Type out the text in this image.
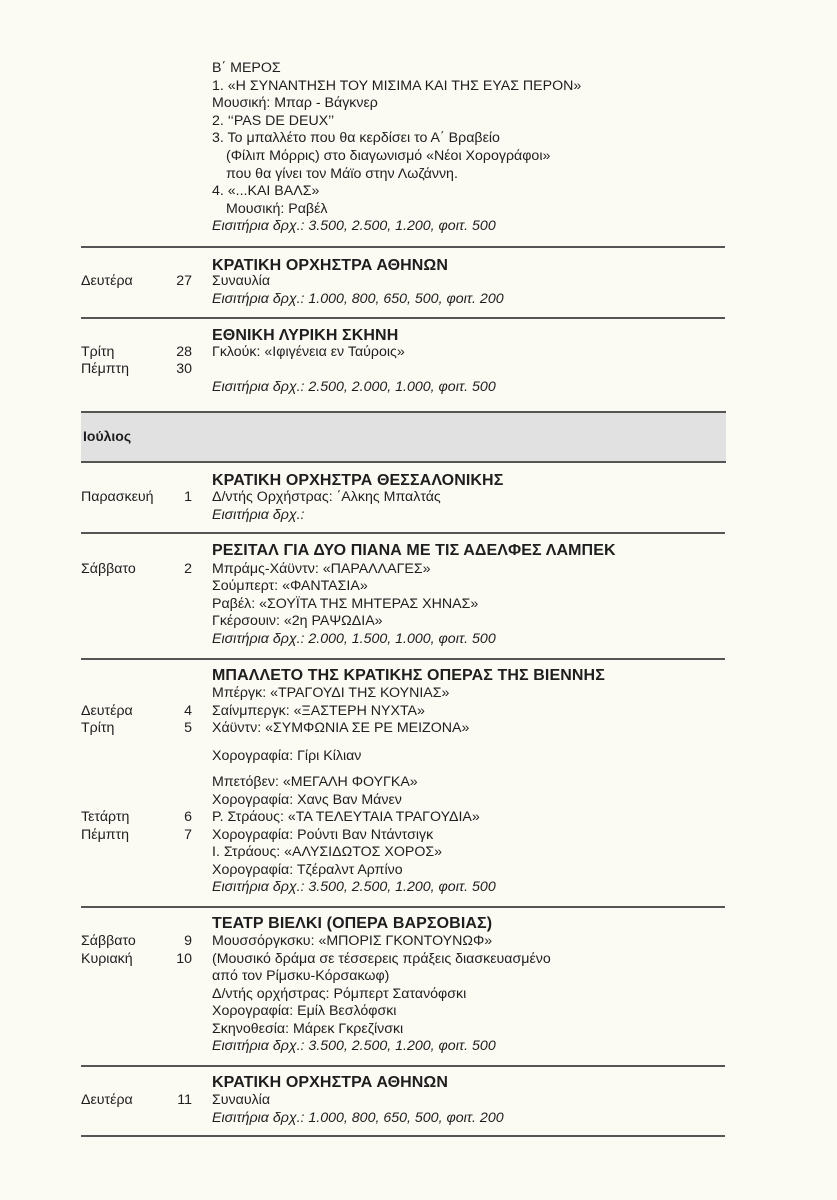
Β΄ ΜΕΡΟΣ
1. «Η ΣΥΝΑΝΤΗΣΗ ΤΟΥ ΜΙΣΙΜΑ ΚΑΙ ΤΗΣ ΕΥΑΣ ΠΕΡΟΝ»
Μουσική: Μπαρ - Βάγκνερ
2. ‘‘PAS DE DEUX’’
3. Το μπαλλέτο που θα κερδίσει το Α΄ Βραβείο
(Φίλιπ Μόρρις) στο διαγωνισμό «Νέοι Χορογράφοι»
που θα γίνει τον Μάϊο στην Λωζάννη.
4. «...ΚΑΙ ΒΑΛΣ»
Μουσική: Ραβέλ
Εισιτήρια δρχ.: 3.500, 2.500, 1.200, φοιτ. 500
ΚΡΑΤΙΚΗ ΟΡΧΗΣΤΡΑ ΑΘΗΝΩΝ
Δευτέρα	27 Συναυλία
Εισιτήρια δρχ.: 1.000, 800, 650, 500, φοιτ. 200
ΕΘΝΙΚΗ ΛΥΡΙΚΗ ΣΚΗΝΗ
Τρίτη	28
Πέμπτη	30
Γκλούκ: «Ιφιγένεια εν Ταύροις»
Εισιτήρια δρχ.: 2.500, 2.000, 1.000, φοιτ. 500
Ιούλιος
ΚΡΑΤΙΚΗ ΟΡΧΗΣΤΡΑ ΘΕΣΣΑΛΟΝΙΚΗΣ
Παρασκευή	1 Δ/ντής Ορχήστρας: ΄Αλκης Μπαλτάς
Εισιτήρια δρχ.:
ΡΕΣΙΤΑΛ ΓΙΑ ΔΥΟ ΠΙΑΝΑ ΜΕ ΤΙΣ ΑΔΕΛΦΕΣ ΛΑΜΠΕΚ
Σάββατο	2 Μπράμς-Χάϋντν: «ΠΑΡΑΛΛΑΓΕΣ»
Σούμπερτ: «ΦΑΝΤΑΣΙΑ»
Ραβέλ: «ΣΟΥΪΤΑ ΤΗΣ ΜΗΤΕΡΑΣ ΧΗΝΑΣ»
Γκέρσουιν: «2η ΡΑΨΩΔΙΑ»
Εισιτήρια δρχ.: 2.000, 1.500, 1.000, φοιτ. 500
ΜΠΑΛΛΕΤΟ ΤΗΣ ΚΡΑΤΙΚΗΣ ΟΠΕΡΑΣ ΤΗΣ ΒΙΕΝΝΗΣ
Μπέργκ: «ΤΡΑΓΟΥΔΙ ΤΗΣ ΚΟΥΝΙΑΣ»
Δευτέρα	4 Σαίνμπεργκ: «ΞΑΣΤΕΡΗ ΝΥΧΤΑ»
Τρίτη	5 Χάϋντν: «ΣΥΜΦΩΝΙΑ ΣΕ ΡΕ ΜΕΙΖΟΝΑ»
Χορογραφία: Γίρι Κίλιαν
Μπετόβεν: «ΜΕΓΑΛΗ ΦΟΥΓΚΑ»
Χορογραφία: Χανς Βαν Μάνεν
Τετάρτη	6 Ρ. Στράους: «ΤΑ ΤΕΛΕΥΤΑΙΑ ΤΡΑΓΟΥΔΙΑ»
Πέμπτη	7 Χορογραφία: Ρούντι Βαν Ντάντσιγκ
Ι. Στράους: «ΑΛΥΣΙΔΩΤΟΣ ΧΟΡΟΣ»
Χορογραφία: Τζέραλντ Αρπίνο
Εισιτήρια δρχ.: 3.500, 2.500, 1.200, φοιτ. 500
ΤΕΑΤΡ ΒΙΕΛΚΙ (ΟΠΕΡΑ ΒΑΡΣΟΒΙΑΣ)
Σάββατο	9 Μουσσόργκσκυ: «ΜΠΟΡΙΣ ΓΚΟΝΤΟΥΝΩΦ»
Κυριακή	10 (Μουσικό δράμα σε τέσσερεις πράξεις διασκευασμένο
από τον Ρίμσκυ-Κόρσακωφ)
Δ/ντής ορχήστρας: Ρόμπερτ Σατανόφσκι
Χορογραφία: Εμίλ Βεσλόφσκι
Σκηνοθεσία: Μάρεκ Γκρεζίνσκι
Εισιτήρια δρχ.: 3.500, 2.500, 1.200, φοιτ. 500
ΚΡΑΤΙΚΗ ΟΡΧΗΣΤΡΑ ΑΘΗΝΩΝ
Δευτέρα	11 Συναυλία
Εισιτήρια δρχ.: 1.000, 800, 650, 500, φοιτ. 200
